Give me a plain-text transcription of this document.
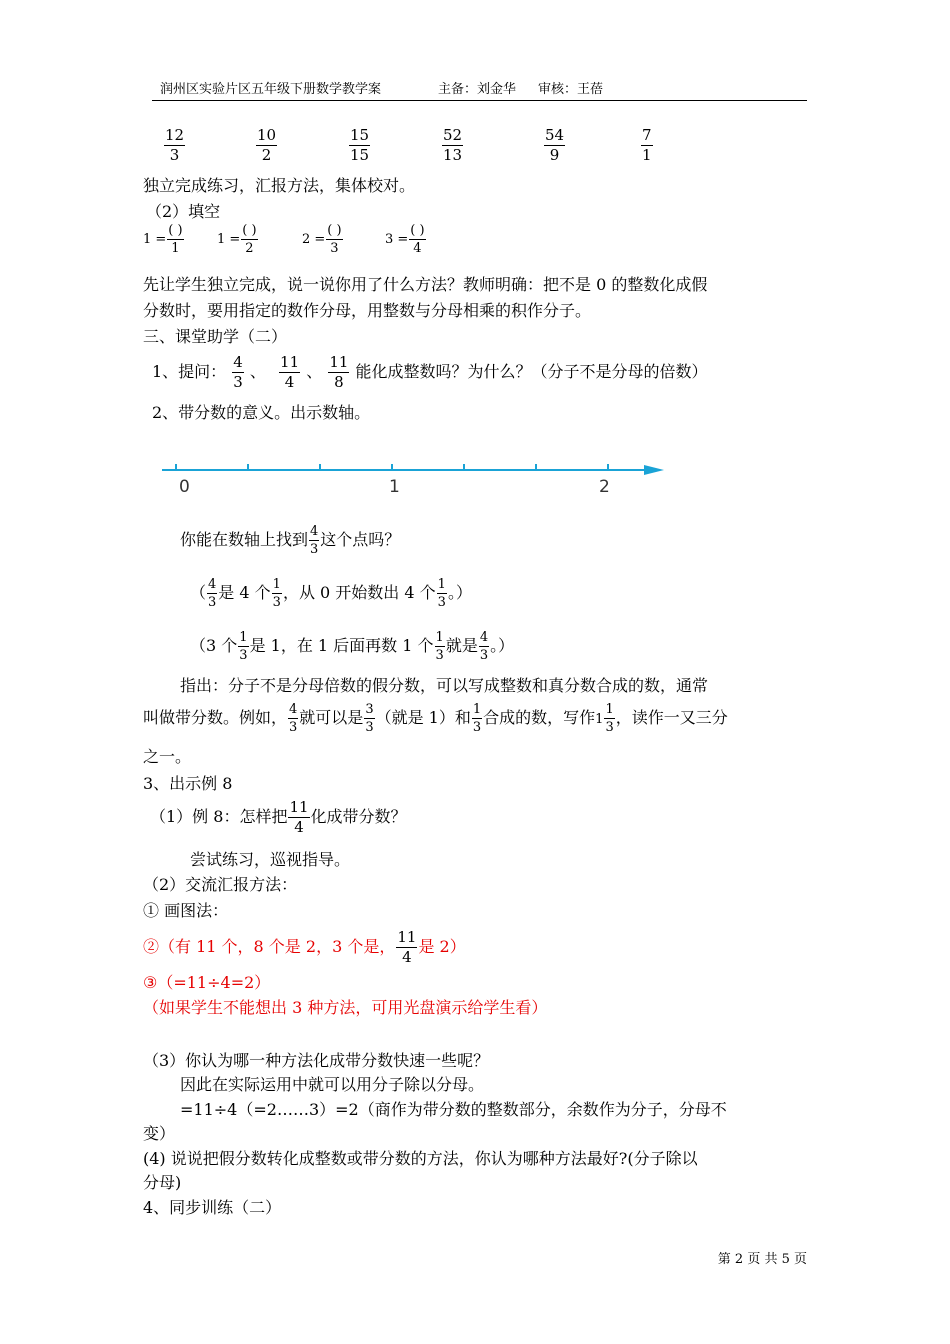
润州区实验片区五年级下册数学教学案	主备：刘金华 审核：王蓓
$\frac{12}{3}$	$\frac{10}{2}$	$\frac{15}{15}$	$\frac{52}{13}$	$\frac{54}{9}$	$\frac{7}{1}$
独立完成练习，汇报方法，集体校对。
（2）填空
$1 = \frac{( )}{1}$	$1 = \frac{( )}{2}$	$2 = \frac{( )}{3}$	$3 = \frac{( )}{4}$
先让学生独立完成，说一说你用了什么方法？教师明确：把不是 0 的整数化成假
分数时，要用指定的数作分母，用整数与分母相乘的积作分子。
三、课堂助学（二）
1、提问： $\frac{4}{3}$ 、 $\frac{11}{4}$ 、 $\frac{11}{8}$ 能化成整数吗？为什么？（分子不是分母的倍数）
2、带分数的意义。出示数轴。
0	1	2
你能在数轴上找到 $\frac{4}{3}$ 这个点吗？
（ $\frac{4}{3}$ 是 4 个 $\frac{1}{3}$ ，从 0 开始数出 4 个 $\frac{1}{3}$ 。）
（3 个 $\frac{1}{3}$ 是 1，在 1 后面再数 1 个 $\frac{1}{3}$ 就是 $\frac{4}{3}$ 。）
指出：分子不是分母倍数的假分数，可以写成整数和真分数合成的数，通常
叫做带分数。例如， $\frac{4}{3}$ 就可以是 $\frac{3}{3}$ （就是 1）和 $\frac{1}{3}$ 合成的数，写作$1 \frac{1}{3}$ ，读作一又三分
之一。
3、出示例 8
（1）例 8：怎样把 $\frac{11}{4}$ 化成带分数？
尝试练习，巡视指导。
（2）交流汇报方法：
① 画图法：
②（有 11 个，8 个是 2，3 个是， $\frac{11}{4}$ 是 2）
③（=11÷4=2）
（如果学生不能想出 3 种方法，可用光盘演示给学生看）
（3）你认为哪一种方法化成带分数快速一些呢？
因此在实际运用中就可以用分子除以分母。
=11÷4（=2……3）=2（商作为带分数的整数部分，余数作为分子，分母不
变）
(4) 说说把假分数转化成整数或带分数的方法，你认为哪种方法最好?(分子除以
分母)
4、同步训练（二）
第 2 页 共 5 页
